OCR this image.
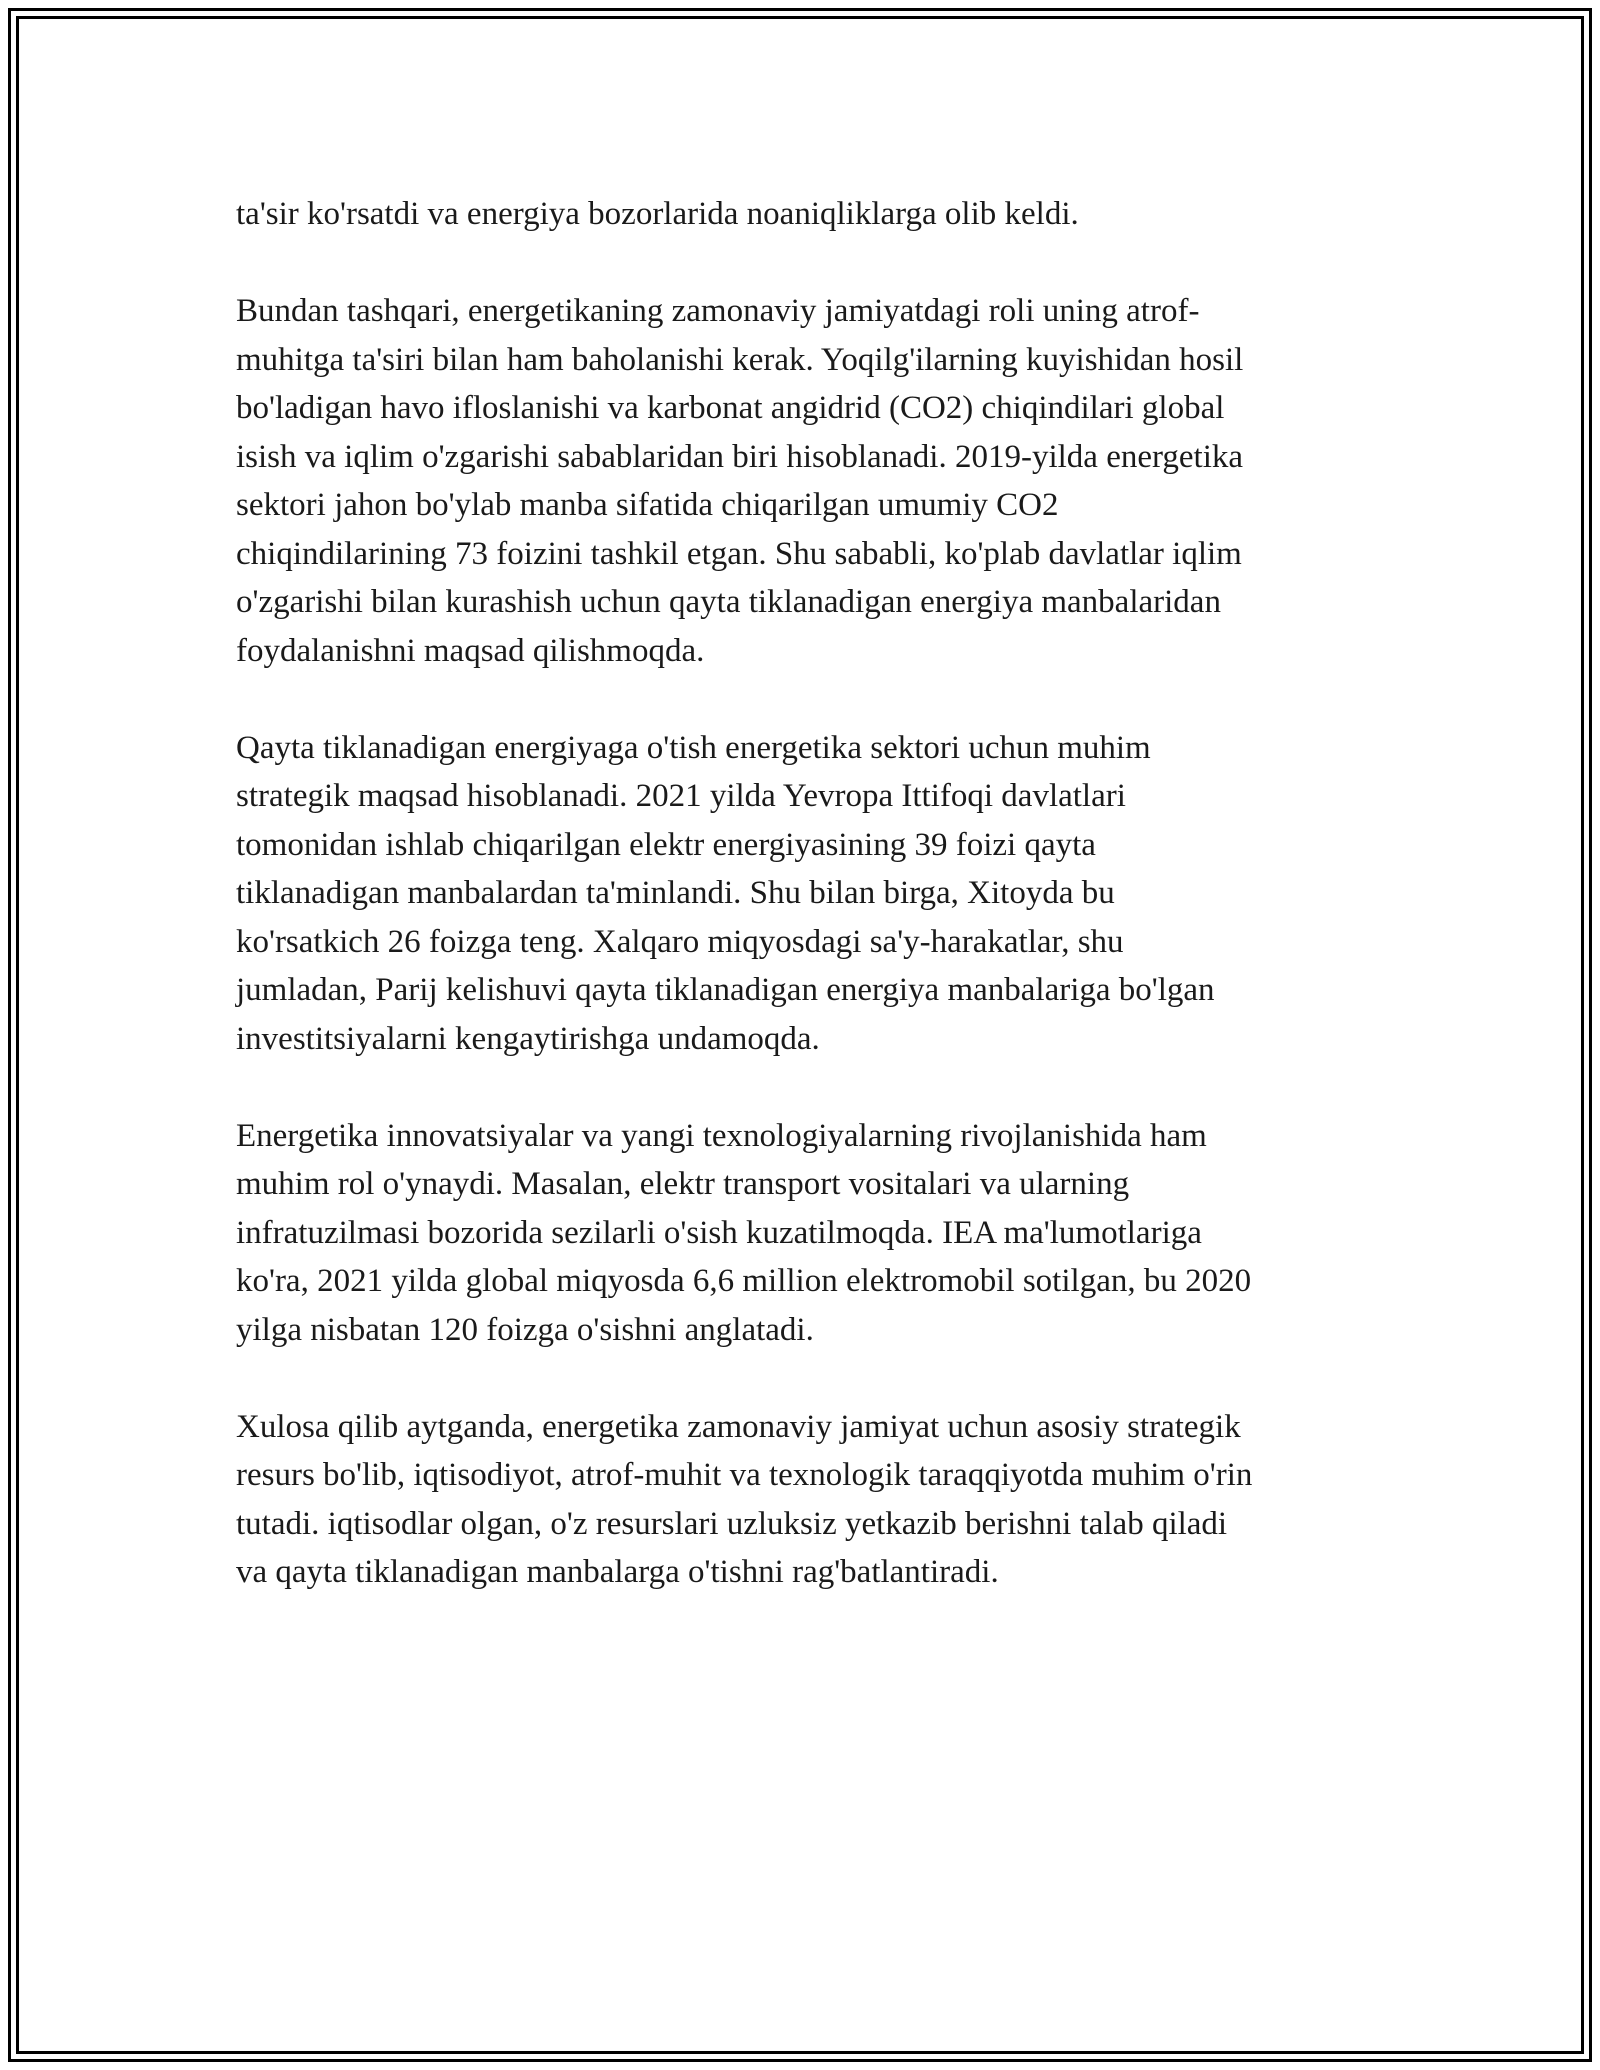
ta'sir ko'rsatdi va energiya bozorlarida noaniqliklarga olib keldi.

Bundan tashqari, energetikaning zamonaviy jamiyatdagi roli uning atrof-
muhitga ta'siri bilan ham baholanishi kerak. Yoqilg'ilarning kuyishidan hosil
bo'ladigan havo ifloslanishi va karbonat angidrid (CO2) chiqindilari global
isish va iqlim o'zgarishi sabablaridan biri hisoblanadi. 2019-yilda energetika
sektori jahon bo'ylab manba sifatida chiqarilgan umumiy CO2
chiqindilarining 73 foizini tashkil etgan. Shu sababli, ko'plab davlatlar iqlim
o'zgarishi bilan kurashish uchun qayta tiklanadigan energiya manbalaridan
foydalanishni maqsad qilishmoqda.

Qayta tiklanadigan energiyaga o'tish energetika sektori uchun muhim
strategik maqsad hisoblanadi. 2021 yilda Yevropa Ittifoqi davlatlari
tomonidan ishlab chiqarilgan elektr energiyasining 39 foizi qayta
tiklanadigan manbalardan ta'minlandi. Shu bilan birga, Xitoyda bu
ko'rsatkich 26 foizga teng. Xalqaro miqyosdagi sa'y-harakatlar, shu
jumladan, Parij kelishuvi qayta tiklanadigan energiya manbalariga bo'lgan
investitsiyalarni kengaytirishga undamoqda.

Energetika innovatsiyalar va yangi texnologiyalarning rivojlanishida ham
muhim rol o'ynaydi. Masalan, elektr transport vositalari va ularning
infratuzilmasi bozorida sezilarli o'sish kuzatilmoqda. IEA ma'lumotlariga
ko'ra, 2021 yilda global miqyosda 6,6 million elektromobil sotilgan, bu 2020
yilga nisbatan 120 foizga o'sishni anglatadi.

Xulosa qilib aytganda, energetika zamonaviy jamiyat uchun asosiy strategik
resurs bo'lib, iqtisodiyot, atrof-muhit va texnologik taraqqiyotda muhim o'rin
tutadi. iqtisodlar olgan, o'z resurslari uzluksiz yetkazib berishni talab qiladi
va qayta tiklanadigan manbalarga o'tishni rag'batlantiradi.
